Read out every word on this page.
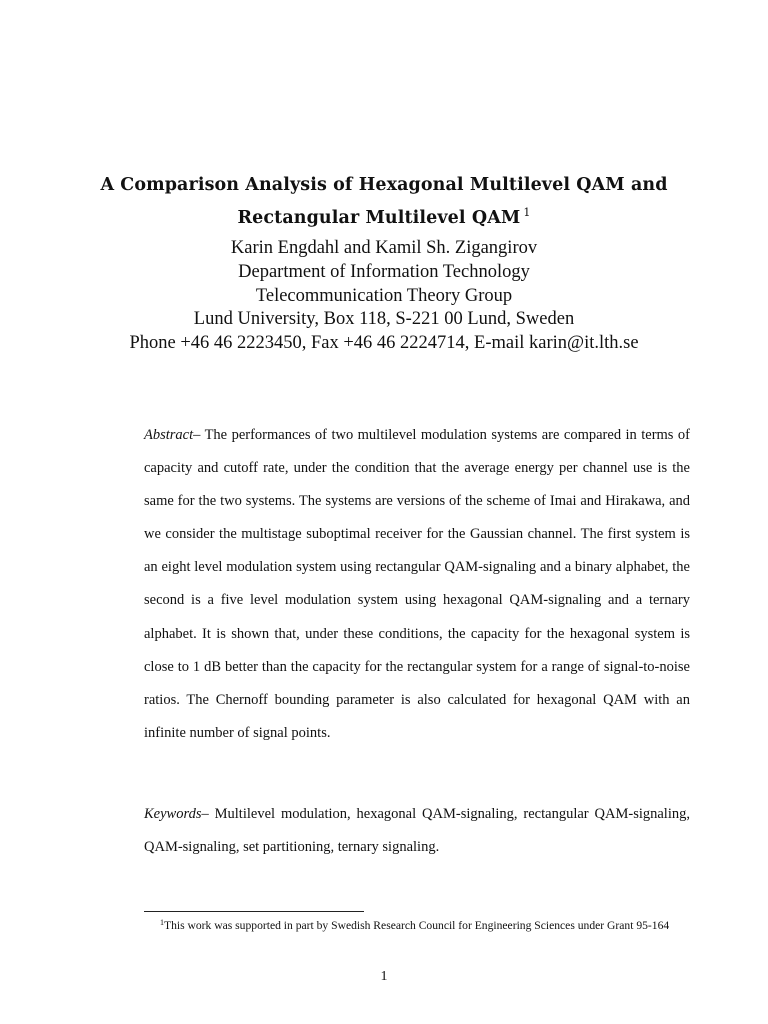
A Comparison Analysis of Hexagonal Multilevel QAM and
Rectangular Multilevel QAM $^1$
Karin Engdahl and Kamil Sh. Zigangirov
Department of Information Technology
Telecommunication Theory Group
Lund University, Box 118, S-221 00 Lund, Sweden
Phone +46 46 2223450, Fax +46 46 2224714, E-mail karin@it.lth.se
Abstract– The performances of two multilevel modulation systems are compared in terms of capacity and cutoff rate, under the condition that the average energy per channel use is the same for the two systems. The systems are versions of the scheme of Imai and Hirakawa, and we consider the multistage suboptimal receiver for the Gaussian channel. The first system is an eight level modulation system using rectangular QAM-signaling and a binary alphabet, the second is a five level modulation system using hexagonal QAM-signaling and a ternary alphabet. It is shown that, under these conditions, the capacity for the hexagonal system is close to 1 dB better than the capacity for the rectangular system for a range of signal-to-noise ratios. The Chernoff bounding parameter is also calculated for hexagonal QAM with an infinite number of signal points.
Keywords– Multilevel modulation, hexagonal QAM-signaling, rectangular QAM-signaling, QAM-signaling, set partitioning, ternary signaling.
$^1$This work was supported in part by Swedish Research Council for Engineering Sciences under Grant 95-164
1
